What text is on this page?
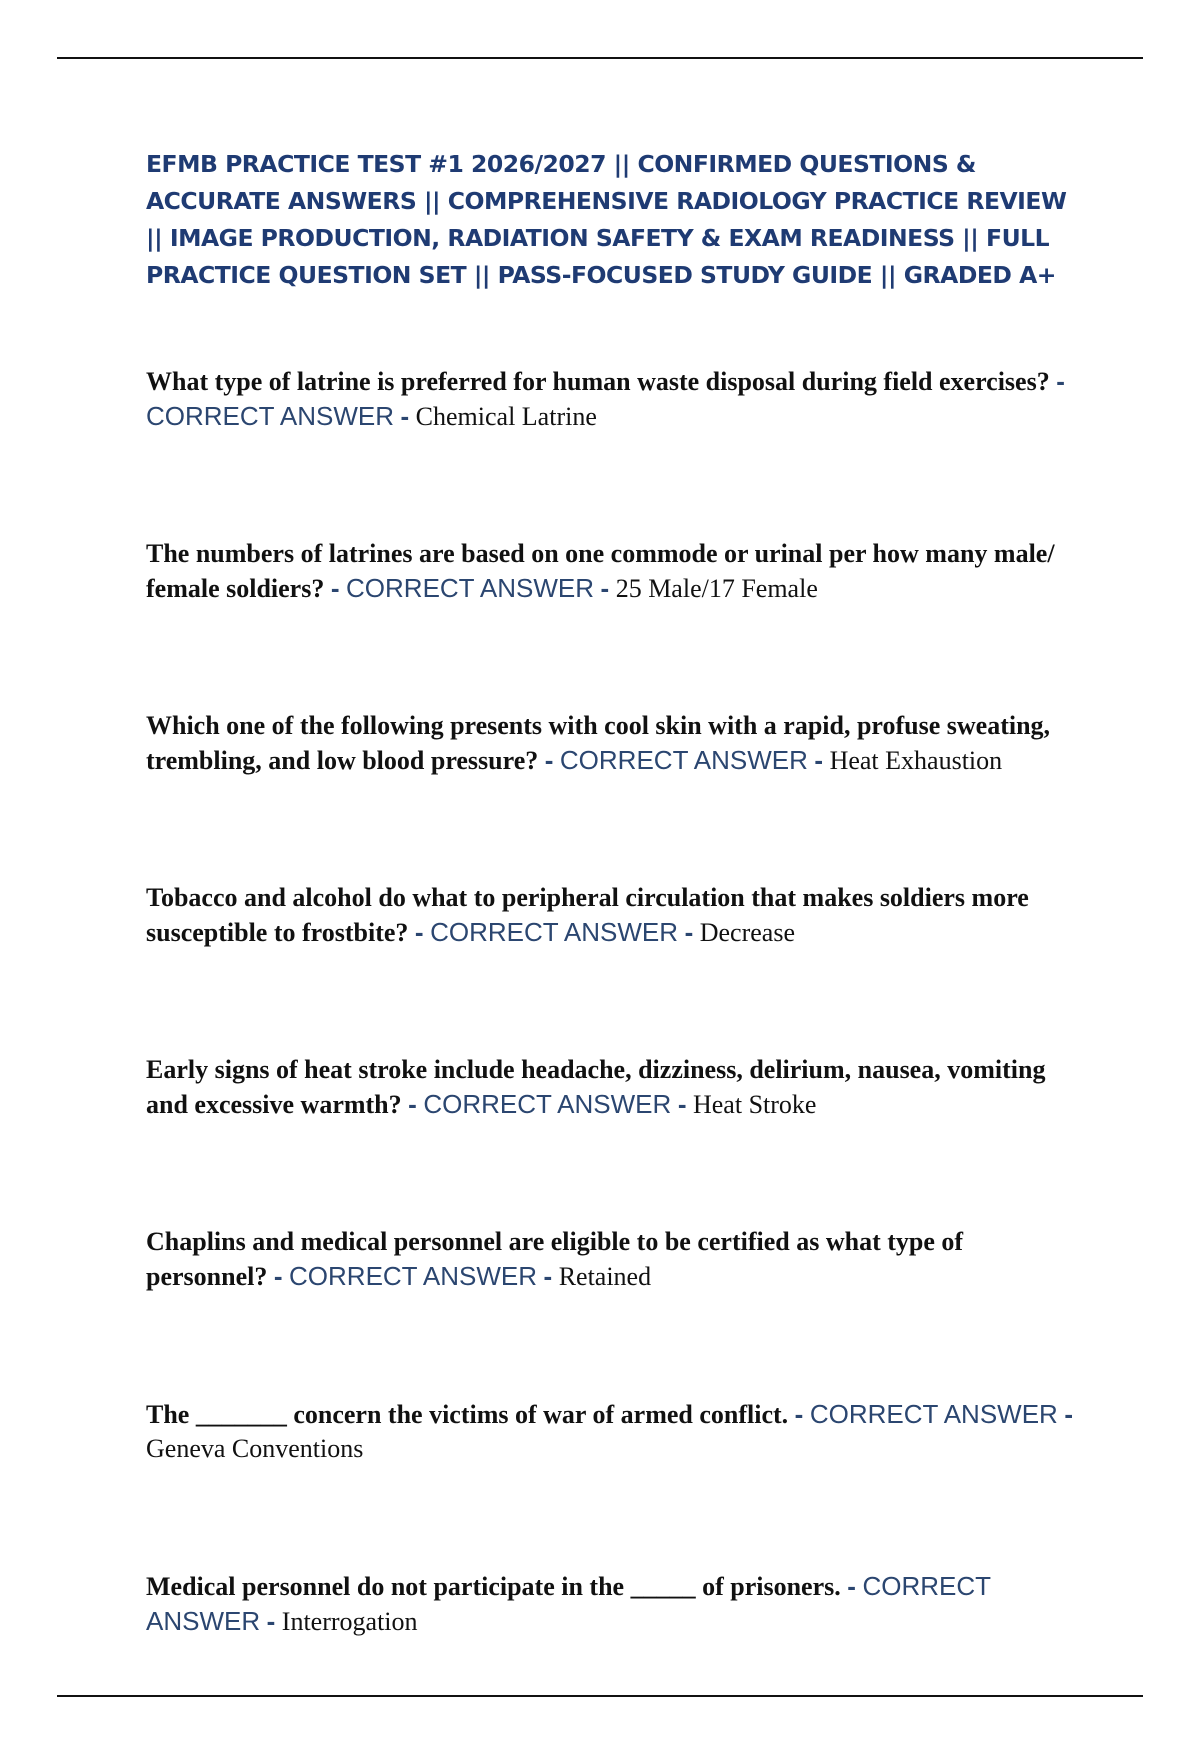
EFMB PRACTICE TEST #1 2026/2027 || CONFIRMED QUESTIONS & ACCURATE ANSWERS || COMPREHENSIVE RADIOLOGY PRACTICE REVIEW || IMAGE PRODUCTION, RADIATION SAFETY & EXAM READINESS || FULL PRACTICE QUESTION SET || PASS-FOCUSED STUDY GUIDE || GRADED A+

What type of latrine is preferred for human waste disposal during field exercises? - CORRECT ANSWER - Chemical Latrine

The numbers of latrines are based on one commode or urinal per how many male/ female soldiers? - CORRECT ANSWER - 25 Male/17 Female

Which one of the following presents with cool skin with a rapid, profuse sweating, trembling, and low blood pressure? - CORRECT ANSWER - Heat Exhaustion

Tobacco and alcohol do what to peripheral circulation that makes soldiers more susceptible to frostbite? - CORRECT ANSWER - Decrease

Early signs of heat stroke include headache, dizziness, delirium, nausea, vomiting and excessive warmth? - CORRECT ANSWER - Heat Stroke

Chaplins and medical personnel are eligible to be certified as what type of personnel? - CORRECT ANSWER - Retained

The _______ concern the victims of war of armed conflict. - CORRECT ANSWER - Geneva Conventions

Medical personnel do not participate in the _____ of prisoners. - CORRECT ANSWER - Interrogation
